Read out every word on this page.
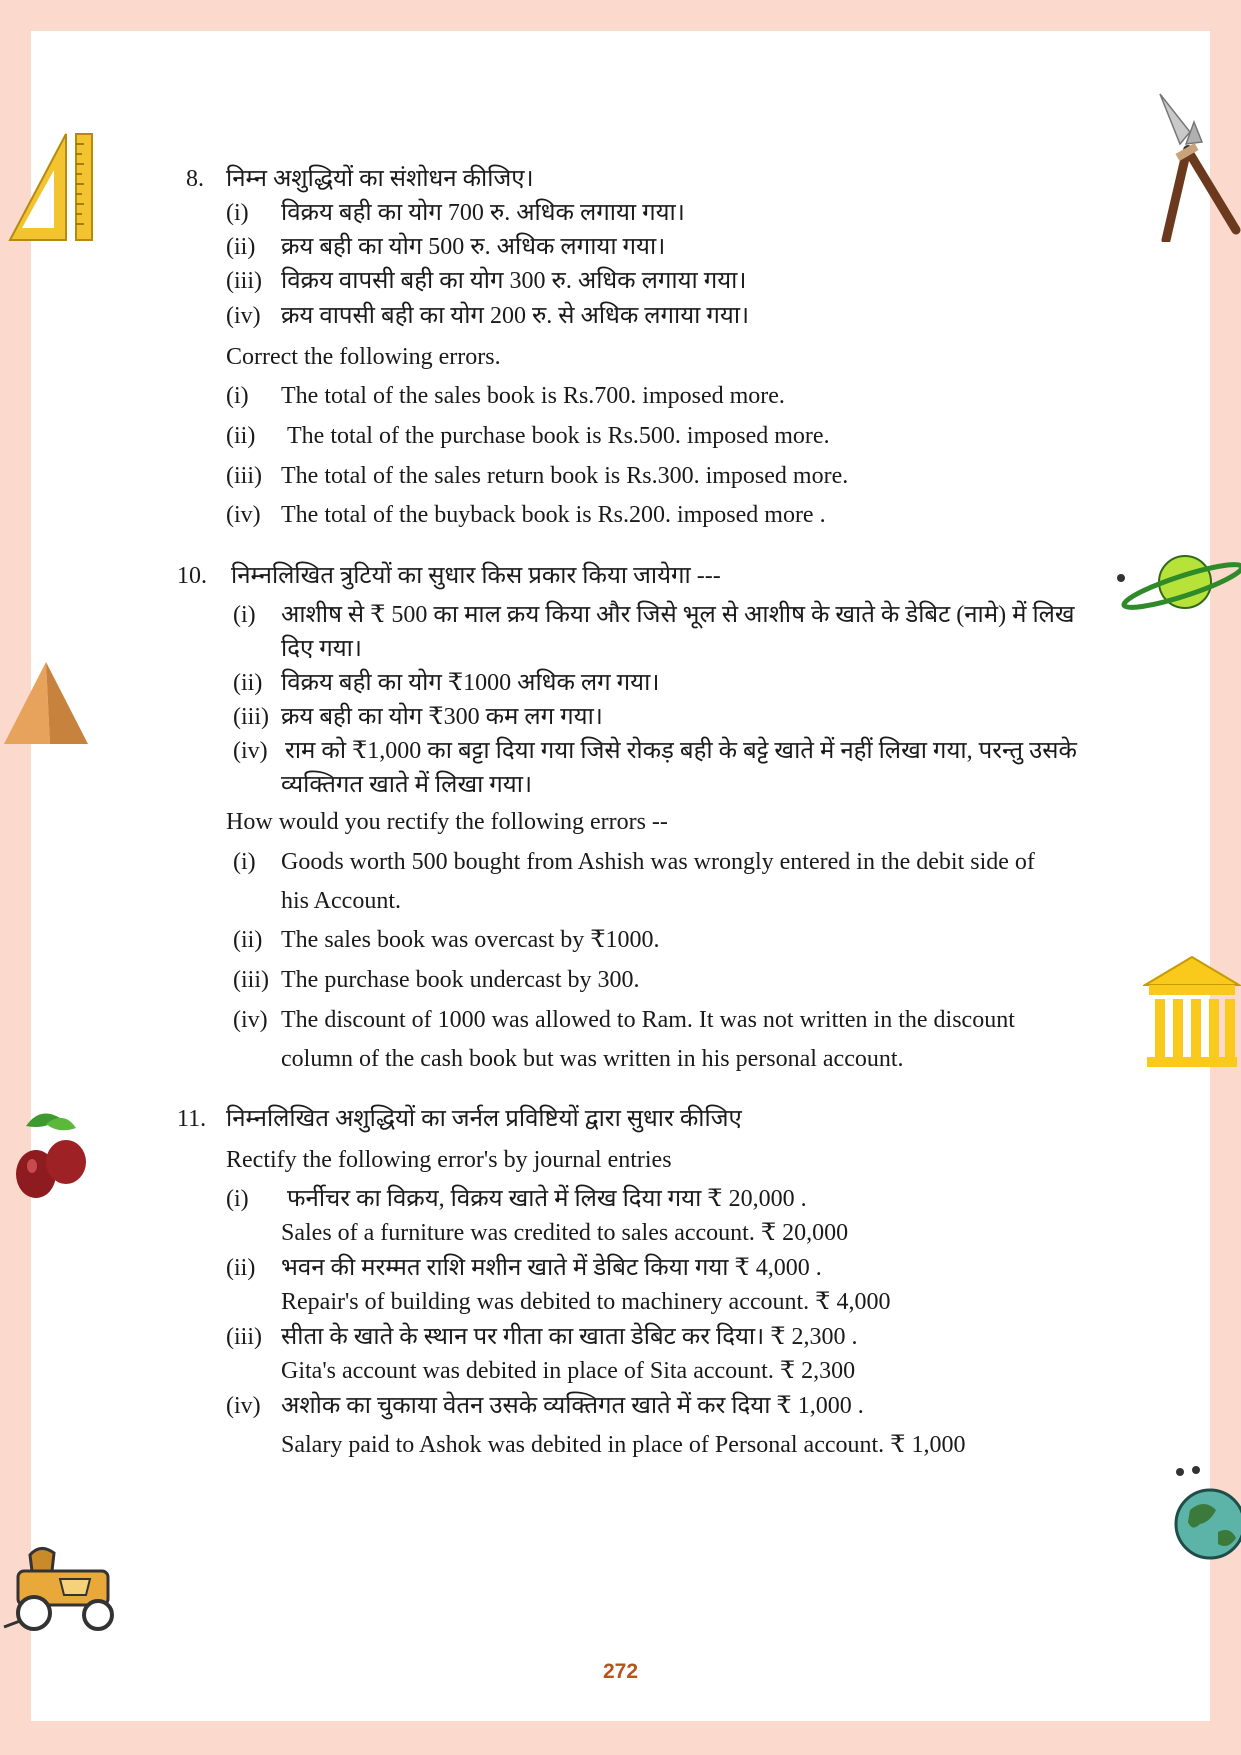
8. निम्न अशुद्धियों का संशोधन कीजिए।
(i) विक्रय बही का योग 700 रु. अधिक लगाया गया।
(ii) क्रय बही का योग 500 रु. अधिक लगाया गया।
(iii) विक्रय वापसी बही का योग 300 रु. अधिक लगाया गया।
(iv) क्रय वापसी बही का योग 200 रु. से अधिक लगाया गया।
Correct the following errors.
(i) The total of the sales book is Rs.700. imposed more.
(ii) The total of the purchase book is Rs.500. imposed more.
(iii) The total of the sales return book is Rs.300. imposed more.
(iv) The total of the buyback book is Rs.200. imposed more .
10. निम्नलिखित त्रुटियों का सुधार किस प्रकार किया जायेगा ---
(i) आशीष से ₹ 500 का माल क्रय किया और जिसे भूल से आशीष के खाते के डेबिट (नामे) में लिख
दिए गया।
(ii) विक्रय बही का योग ₹1000 अधिक लग गया।
(iii) क्रय बही का योग ₹300 कम लग गया।
(iv) राम को ₹1,000 का बट्टा दिया गया जिसे रोकड़ बही के बट्टे खाते में नहीं लिखा गया, परन्तु उसके
व्यक्तिगत खाते में लिखा गया।
How would you rectify the following errors --
(i) Goods worth 500 bought from Ashish was wrongly entered in the debit side of
his Account.
(ii) The sales book was overcast by ₹1000.
(iii) The purchase book undercast by 300.
(iv) The discount of 1000 was allowed to Ram. It was not written in the discount
column of the cash book but was written in his personal account.
11. निम्नलिखित अशुद्धियों का जर्नल प्रविष्टियों द्वारा सुधार कीजिए
Rectify the following error's by journal entries
(i) फर्नीचर का विक्रय, विक्रय खाते में लिख दिया गया ₹ 20,000 .
Sales of a furniture was credited to sales account. ₹ 20,000
(ii) भवन की मरम्मत राशि मशीन खाते में डेबिट किया गया ₹ 4,000 .
Repair's of building was debited to machinery account. ₹ 4,000
(iii) सीता के खाते के स्थान पर गीता का खाता डेबिट कर दिया। ₹ 2,300 .
Gita's account was debited in place of Sita account. ₹ 2,300
(iv) अशोक का चुकाया वेतन उसके व्यक्तिगत खाते में कर दिया ₹ 1,000 .
Salary paid to Ashok was debited in place of Personal account. ₹ 1,000
272
